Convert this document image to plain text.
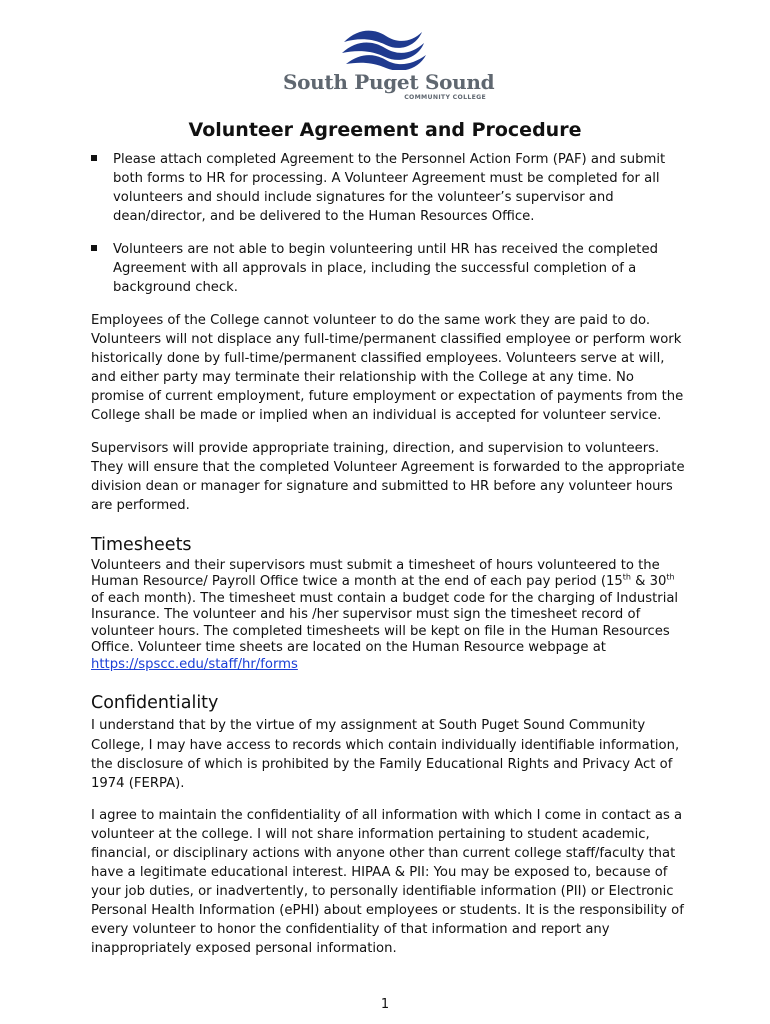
South Puget Sound
COMMUNITY COLLEGE
Volunteer Agreement and Procedure
Please attach completed Agreement to the Personnel Action Form (PAF) and submit both forms to HR for processing. A Volunteer Agreement must be completed for all volunteers and should include signatures for the volunteer’s supervisor and dean/director, and be delivered to the Human Resources Office.
Volunteers are not able to begin volunteering until HR has received the completed Agreement with all approvals in place, including the successful completion of a background check.

Employees of the College cannot volunteer to do the same work they are paid to do. Volunteers will not displace any full-time/permanent classified employee or perform work historically done by full-time/permanent classified employees. Volunteers serve at will, and either party may terminate their relationship with the College at any time. No promise of current employment, future employment or expectation of payments from the College shall be made or implied when an individual is accepted for volunteer service.

Supervisors will provide appropriate training, direction, and supervision to volunteers. They will ensure that the completed Volunteer Agreement is forwarded to the appropriate division dean or manager for signature and submitted to HR before any volunteer hours are performed.

Timesheets

Volunteers and their supervisors must submit a timesheet of hours volunteered to the Human Resource/ Payroll Office twice a month at the end of each pay period (15th & 30th of each month). The timesheet must contain a budget code for the charging of Industrial Insurance. The volunteer and his /her supervisor must sign the timesheet record of volunteer hours. The completed timesheets will be kept on file in the Human Resources Office. Volunteer time sheets are located on the Human Resource webpage at https://spscc.edu/staff/hr/forms

Confidentiality

I understand that by the virtue of my assignment at South Puget Sound Community College, I may have access to records which contain individually identifiable information, the disclosure of which is prohibited by the Family Educational Rights and Privacy Act of 1974 (FERPA).

I agree to maintain the confidentiality of all information with which I come in contact as a volunteer at the college. I will not share information pertaining to student academic, financial, or disciplinary actions with anyone other than current college staff/faculty that have a legitimate educational interest. HIPAA & PII: You may be exposed to, because of your job duties, or inadvertently, to personally identifiable information (PII) or Electronic Personal Health Information (ePHI) about employees or students. It is the responsibility of every volunteer to honor the confidentiality of that information and report any inappropriately exposed personal information.

1
